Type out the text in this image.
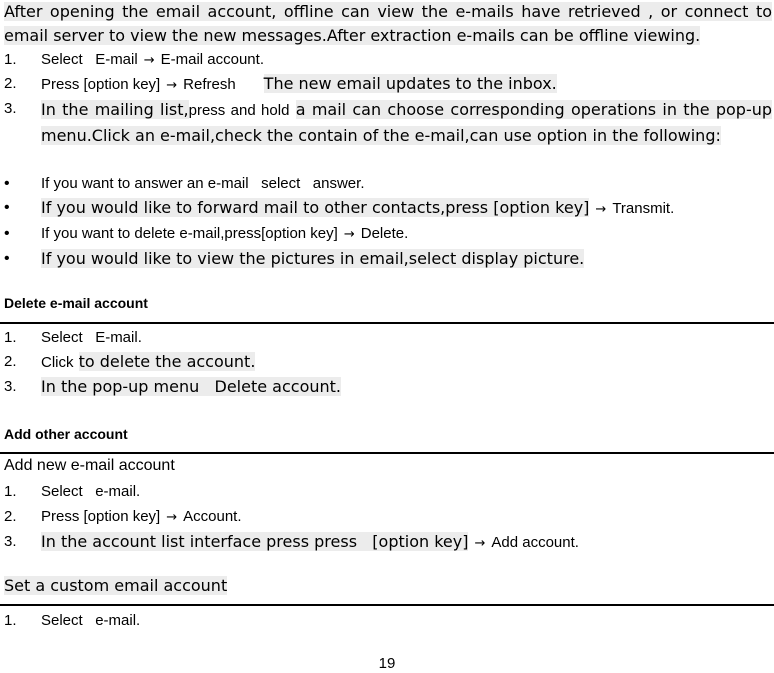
After opening the email account, offline can view the e-mails have retrieved , or connect to email server to view the new messages.After extraction e-mails can be offline viewing.
1.	Select   E-mail → E-mail account.
2.	Press [option key] → Refresh The new email updates to the inbox.
3.	In the mailing list,press and hold a mail can choose corresponding operations in the pop-up menu.Click an e-mail,check the contain of the e-mail,can use option in the following:
• If you want to answer an e-mail   select   answer.
• If you would like to forward mail to other contacts,press [option key] → Transmit.
• If you want to delete e-mail,press[option key] → Delete.
• If you would like to view the pictures in email,select display picture.
Delete e-mail account
1.	Select   E-mail.
2.	Click to delete the account.
3.	In the pop-up menu   Delete account.
Add other account
Add new e-mail account
1.	Select   e-mail.
2.	Press [option key] → Account.
3.	In the account list interface press press   [option key] → Add account.
Set a custom email account
1.	Select   e-mail.
19
